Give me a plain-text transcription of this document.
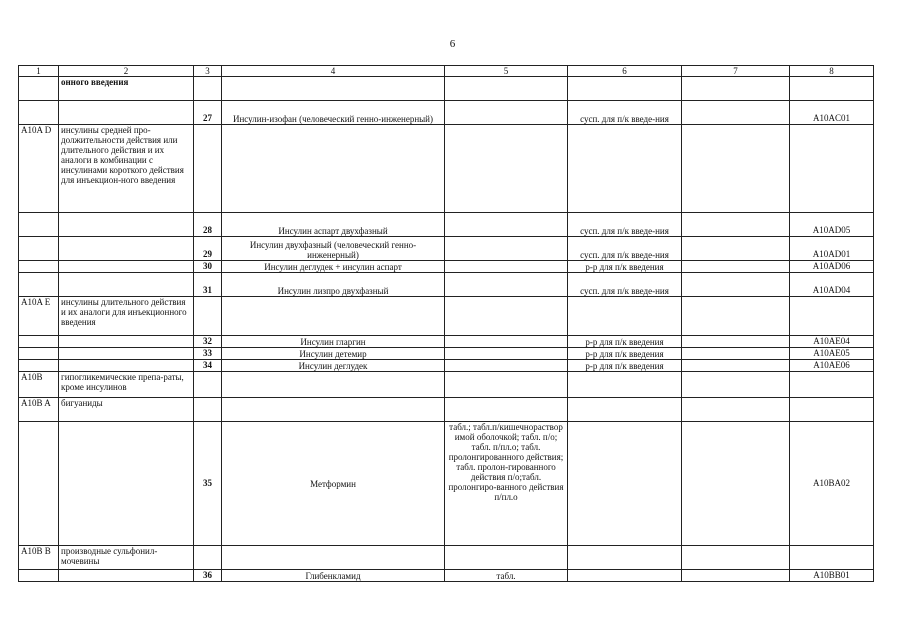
6
1	2	3	4	5	6	7	8
	онного введения						
		27	Инсулин-изофан (человеческий генно-инженерный)		сусп. для п/к введе-ния		A10AC01
A10A D	инсулины средней про-должительности действия или длительного действия и их аналоги в комбинации с инсулинами короткого действия для инъекцион-ного введения						
		28	Инсулин аспарт двухфазный		сусп. для п/к введе-ния		A10AD05
		29	Инсулин двухфазный (человеческий генно-инженерный)		сусп. для п/к введе-ния		A10AD01
		30	Инсулин деглудек + инсулин аспарт		р-р для п/к введения		A10AD06
		31	Инсулин лизпро двухфазный		сусп. для п/к введе-ния		A10AD04
A10A E	инсулины длительного действия и их аналоги для инъекционного введения						
		32	Инсулин гларгин		р-р для п/к введения		A10AE04
		33	Инсулин детемир		р-р для п/к введения		A10AE05
		34	Инсулин деглудек		р-р для п/к введения		A10AE06
A10B	гипогликемические препа-раты, кроме инсулинов						
A10B A	бигуаниды						
		35	Метформин	табл.; табл.п/кишечнораствор имой оболочкой; табл. п/о; табл. п/пл.о; табл. пролонгированного действия; табл. пролон-гированного действия п/о;табл. пролонгиро-ванного действия п/пл.о			A10BA02
A10B B	производные сульфонил-мочевины						
		36	Глибенкламид	табл.			A10BB01
